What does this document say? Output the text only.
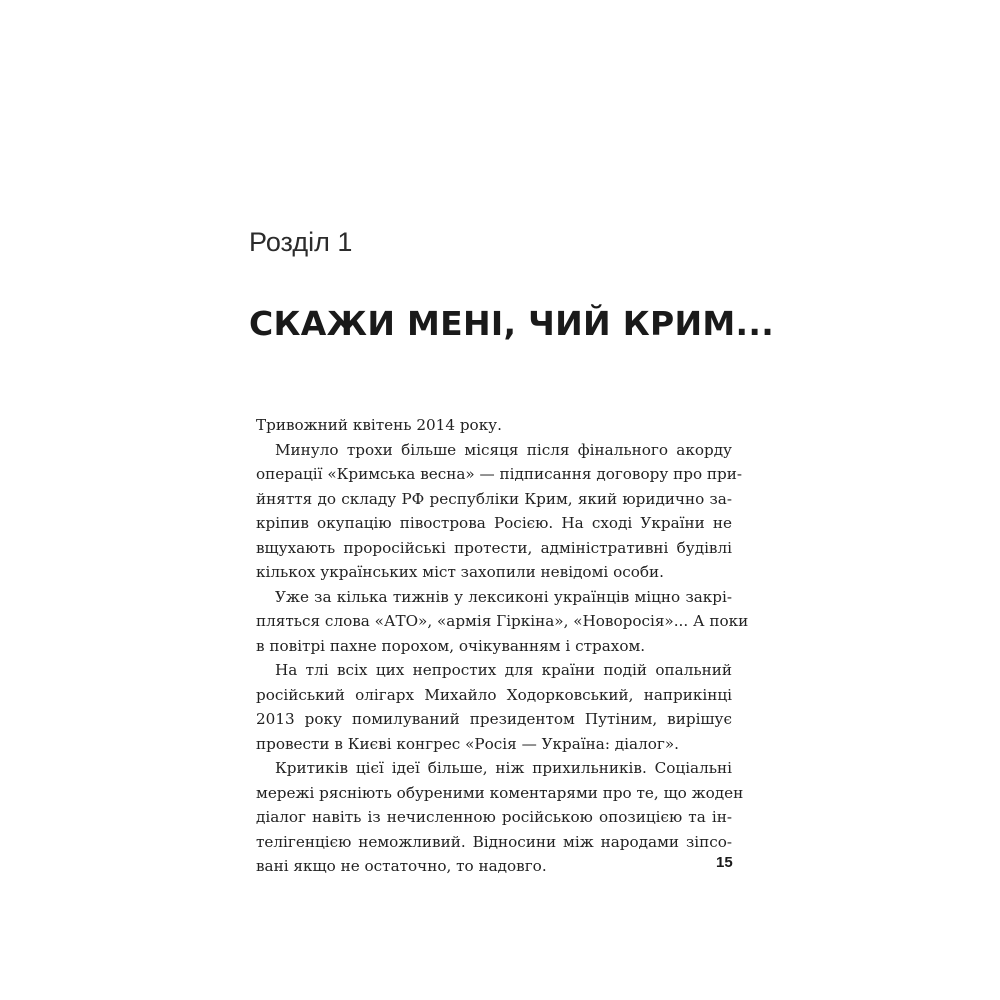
Розділ 1
СКАЖИ МЕНІ, ЧИЙ КРИМ...
Тривожний квітень 2014 року.
Минуло трохи більше місяця після фінального акорду
операції «Кримська весна» — підписання договору про при-
йняття до складу РФ республіки Крим, який юридично за-
кріпив окупацію півострова Росією. На сході України не
вщухають проросійські протести, адміністративні будівлі
кількох українських міст захопили невідомі особи.
Уже за кілька тижнів у лексиконі українців міцно закрі-
пляться слова «АТО», «армія Гіркіна», «Новоросія»... А поки
в повітрі пахне порохом, очікуванням і страхом.
На тлі всіх цих непростих для країни подій опальний
російський олігарх Михайло Ходорковський, наприкінці
2013 року помилуваний президентом Путіним, вирішує
провести в Києві конгрес «Росія — Україна: діалог».
Критиків цієї ідеї більше, ніж прихильників. Соціальні
мережі рясніють обуреними коментарями про те, що жоден
діалог навіть із нечисленною російською опозицією та ін-
телігенцією неможливий. Відносини між народами зіпсо-
вані якщо не остаточно, то надовго.	15
